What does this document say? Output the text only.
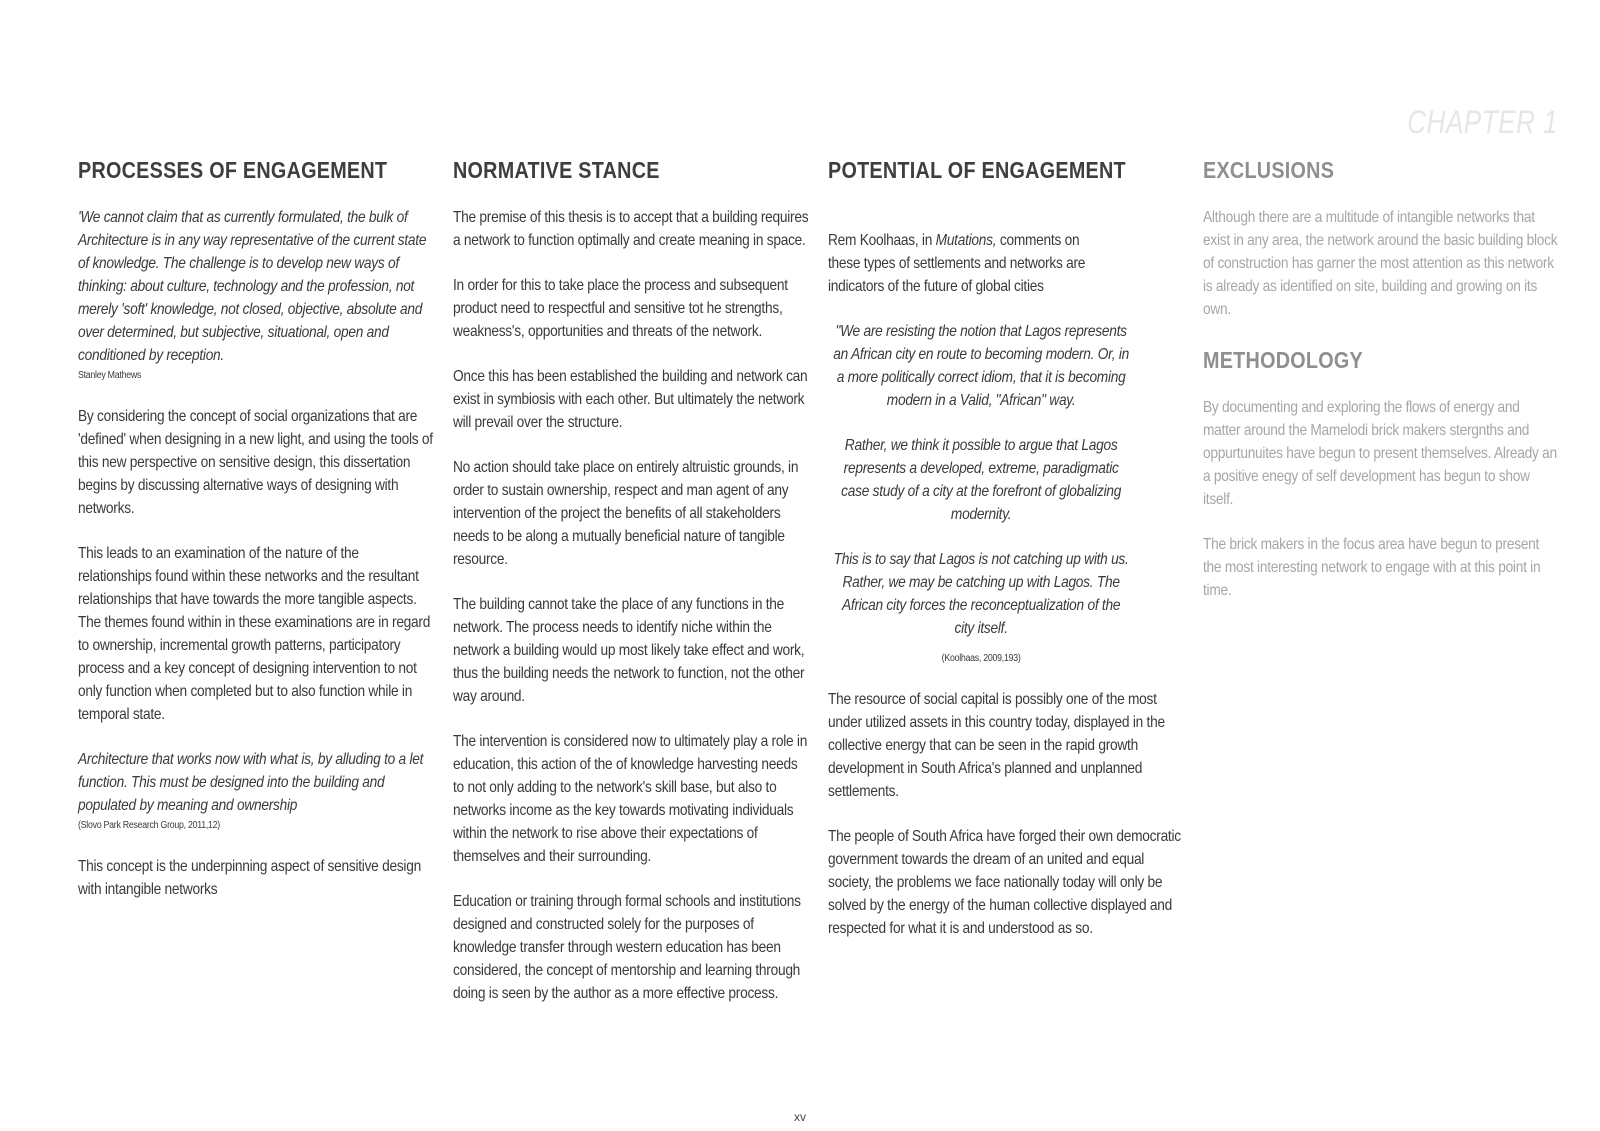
CHAPTER 1
PROCESSES OF ENGAGEMENT

'We cannot claim that as currently formulated, the bulk of Architecture is in any way representative of the current state of knowledge. The challenge is to develop new ways of thinking: about culture, technology and the profession, not merely 'soft' knowledge, not closed, objective, absolute and over determined, but subjective, situational, open and conditioned by reception.

Stanley Mathews

By considering the concept of social organizations that are 'defined' when designing in a new light, and using the tools of this new perspective on sensitive design, this dissertation begins by discussing alternative ways of designing with networks.

This leads to an examination of the nature of the relationships found within these networks and the resultant relationships that have towards the more tangible aspects. The themes found within in these examinations are in regard to ownership, incremental growth patterns, participatory process and a key concept of designing intervention to not only function when completed but to also function while in temporal state.

Architecture that works now with what is, by alluding to a let function. This must be designed into the building and populated by meaning and ownership

(Slovo Park Research Group, 2011,12)

This concept is the underpinning aspect of sensitive design with intangible networks

NORMATIVE STANCE

The premise of this thesis is to accept that a building requires a network to function optimally and create meaning in space.

In order for this to take place the process and subsequent product need to respectful and sensitive tot he strengths, weakness's, opportunities and threats of the network.

Once this has been established the building and network can exist in symbiosis with each other. But ultimately the network will prevail over the structure.

No action should take place on entirely altruistic grounds, in order to sustain ownership, respect and man agent of any intervention of the project the benefits of all stakeholders needs to be along a mutually beneficial nature of tangible resource.

The building cannot take the place of any functions in the network. The process needs to identify niche within the network a building would up most likely take effect and work, thus the building needs the network to function, not the other way around.

The intervention is considered now to ultimately play a role in education, this action of the of knowledge harvesting needs to not only adding to the network's skill base, but also to networks income as the key towards motivating individuals within the network to rise above their expectations of themselves and their surrounding.

Education or training through formal schools and institutions designed and constructed solely for the purposes of knowledge transfer through western education has been considered, the concept of mentorship and learning through doing is seen by the author as a more effective process.

POTENTIAL OF ENGAGEMENT

Rem Koolhaas, in Mutations, comments on these types of settlements and networks are indicators of the future of global cities

"We are resisting the notion that Lagos represents an African city en route to becoming modern. Or, in a more politically correct idiom, that it is becoming modern in a Valid, "African" way.

Rather, we think it possible to argue that Lagos represents a developed, extreme, paradigmatic case study of a city at the forefront of globalizing modernity.

This is to say that Lagos is not catching up with us. Rather, we may be catching up with Lagos. The African city forces the reconceptualization of the city itself.

(Koolhaas, 2009,193)

The resource of social capital is possibly one of the most under utilized assets in this country today, displayed in the collective energy that can be seen in the rapid growth development in South Africa's planned and unplanned settlements.

The people of South Africa have forged their own democratic government towards the dream of an united and equal society, the problems we face nationally today will only be solved by the energy of the human collective displayed and respected for what it is and understood as so.

EXCLUSIONS

Although there are a multitude of intangible networks that exist in any area, the network around the basic building block of construction has garner the most attention as this network is already as identified on site, building and growing on its own.

METHODOLOGY

By documenting and exploring the flows of energy and matter around the Mamelodi brick makers stergnths and oppurtunuites have begun to present themselves. Already an a positive enegy of self development has begun to show itself.

The brick makers in the focus area have begun to present the most interesting network to engage with at this point in time.

xv
